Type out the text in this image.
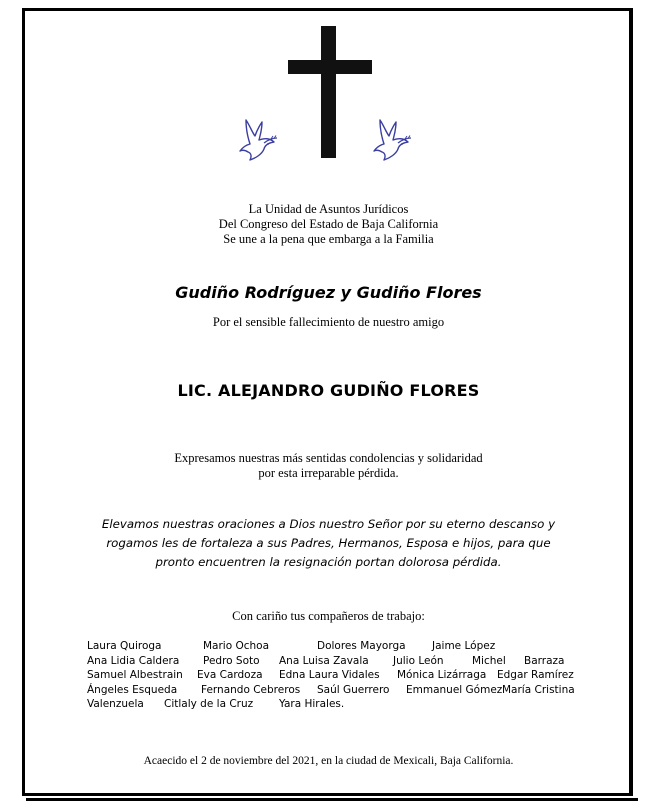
La Unidad de Asuntos Jurídicos
Del Congreso del Estado de Baja California
Se une a la pena que embarga a la Familia
Gudiño Rodríguez y Gudiño Flores
Por el sensible fallecimiento de nuestro amigo
LIC. ALEJANDRO GUDIÑO FLORES
Expresamos nuestras más sentidas condolencias y solidaridad
por esta irreparable pérdida.
Elevamos nuestras oraciones a Dios nuestro Señor por su eterno descanso y
rogamos les de fortaleza a sus Padres, Hermanos, Esposa e hijos, para que
pronto encuentren la resignación portan dolorosa pérdida.
Con cariño tus compañeros de trabajo:
Laura Quiroga	Mario Ochoa	Dolores Mayorga	Jaime López
Ana Lidia Caldera Pedro Soto Ana Luisa Zavala Julio León	Michel Barraza
Samuel Albestrain Eva Cardoza Edna Laura Vidales Mónica Lizárraga Edgar Ramírez
Ángeles Esqueda Fernando Cebreros Saúl Guerrero Emmanuel Gómez María Cristina
Valenzuela Citlaly de la Cruz Yara Hirales.
Acaecido el 2 de noviembre del 2021, en la ciudad de Mexicali, Baja California.
